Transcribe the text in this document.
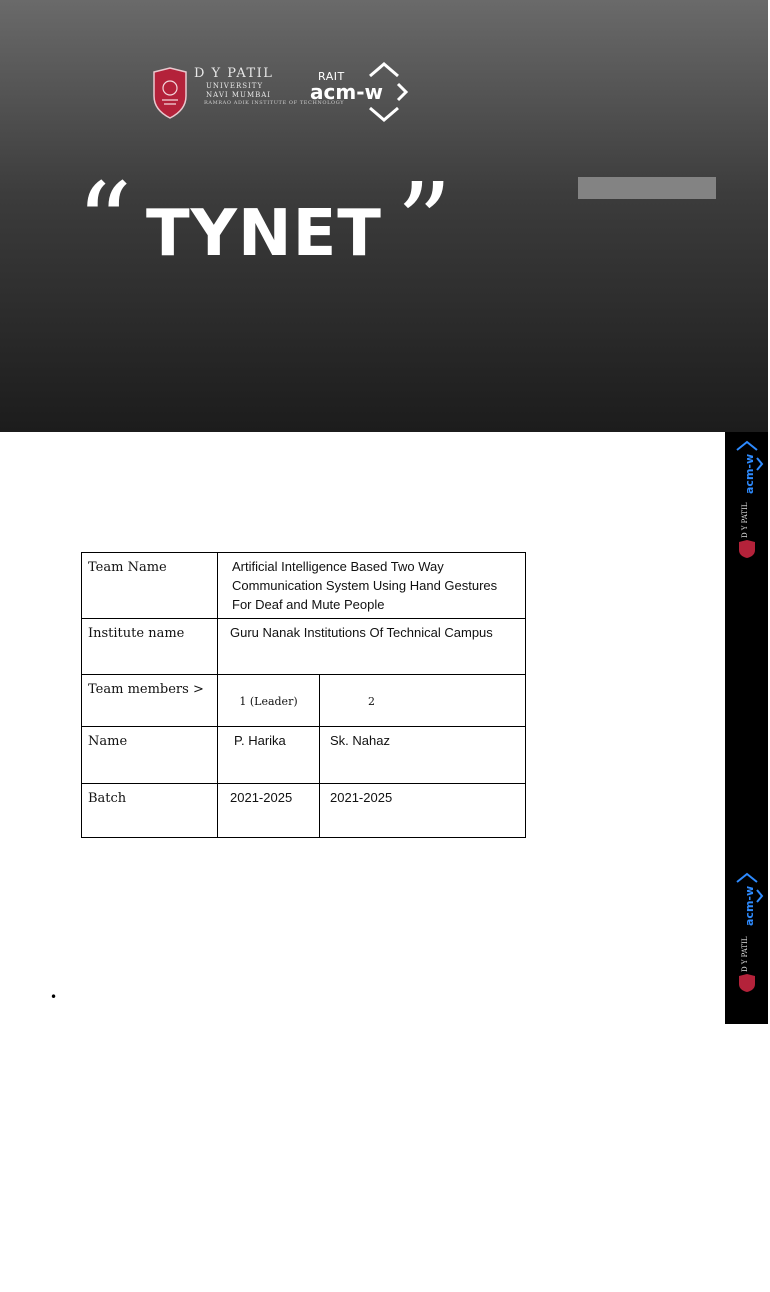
D Y PATIL
UNIVERSITY
NAVI MUMBAI
RAMRAO ADIK INSTITUTE OF TECHNOLOGY
RAIT
acm-w
“ TYNET ”
Team Name	Artificial Intelligence Based Two Way Communication System Using Hand Gestures For Deaf and Mute People	
Institute name	Guru Nanak Institutions Of Technical Campus	
Team members >	1 (Leader)	2
Name	P. Harika	Sk. Nahaz
Batch	2021-2025	2021-2025
•
acm-w
D Y PATIL
TYNET
“
”
acm-w
D Y PATIL
